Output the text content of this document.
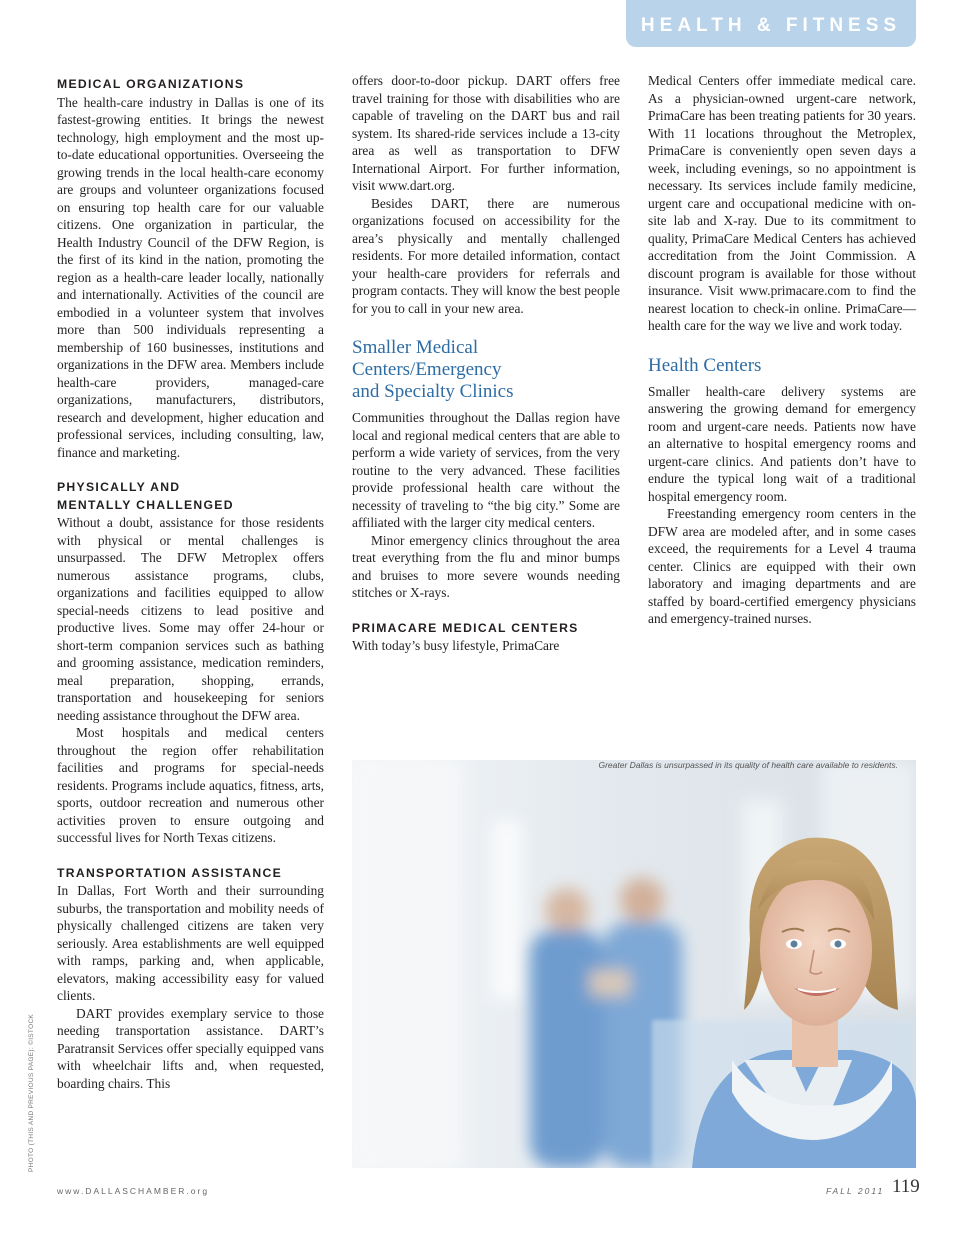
HEALTH & FITNESS
MEDICAL ORGANIZATIONS

The health-care industry in Dallas is one of its fastest-growing entities. It brings the newest technology, high employment and the most up-to-date educational opportunities. Overseeing the growing trends in the local health-care economy are groups and volunteer organizations focused on ensuring top health care for our valuable citizens. One organization in particular, the Health Industry Council of the DFW Region, is the first of its kind in the nation, promoting the region as a health-care leader locally, nationally and internationally. Activities of the council are embodied in a volunteer system that involves more than 500 individuals representing a membership of 160 businesses, institutions and organizations in the DFW area. Members include health-care providers, managed-care organizations, manufacturers, distributors, research and development, higher education and professional services, including consulting, law, finance and marketing.

PHYSICALLY AND
MENTALLY CHALLENGED

Without a doubt, assistance for those residents with physical or mental challenges is unsurpassed. The DFW Metroplex offers numerous assistance programs, clubs, organizations and facilities equipped to allow special-needs citizens to lead positive and productive lives. Some may offer 24-hour or short-term companion services such as bathing and grooming assistance, medication reminders, meal preparation, shopping, errands, transportation and housekeeping for seniors needing assistance throughout the DFW area.

Most hospitals and medical centers throughout the region offer rehabilitation facilities and programs for special-needs residents. Programs include aquatics, fitness, arts, sports, outdoor recreation and numerous other activities proven to ensure outgoing and successful lives for North Texas citizens.

TRANSPORTATION ASSISTANCE

In Dallas, Fort Worth and their surrounding suburbs, the transportation and mobility needs of physically challenged citizens are taken very seriously. Area establishments are well equipped with ramps, parking and, when applicable, elevators, making accessibility easy for valued clients.

DART provides exemplary service to those needing transportation assistance. DART’s Paratransit Services offer specially equipped vans with wheelchair lifts and, when requested, boarding chairs. This

offers door-to-door pickup. DART offers free travel training for those with disabilities who are capable of traveling on the DART bus and rail system. Its shared-ride services include a 13-city area as well as transportation to DFW International Airport. For further information, visit www.dart.org.

Besides DART, there are numerous organizations focused on accessibility for the area’s physically and mentally challenged residents. For more detailed information, contact your health-care providers for referrals and program contacts. They will know the best people for you to call in your new area.

Smaller Medical
Centers/Emergency
and Specialty Clinics

Communities throughout the Dallas region have local and regional medical centers that are able to perform a wide variety of services, from the very routine to the very advanced. These facilities provide professional health care without the necessity of traveling to “the big city.” Some are affiliated with the larger city medical centers.

Minor emergency clinics throughout the area treat everything from the flu and minor bumps and bruises to more severe wounds needing stitches or X-rays.

PRIMACARE MEDICAL CENTERS

With today’s busy lifestyle, PrimaCare

Medical Centers offer immediate medical care. As a physician-owned urgent-care network, PrimaCare has been treating patients for 30 years. With 11 locations throughout the Metroplex, PrimaCare is conveniently open seven days a week, including evenings, so no appointment is necessary. Its services include family medicine, urgent care and occupational medicine with on-site lab and X-ray. Due to its commitment to quality, PrimaCare Medical Centers has achieved accreditation from the Joint Commission. A discount program is available for those without insurance. Visit www.primacare.com to find the nearest location to check-in online. PrimaCare—health care for the way we live and work today.

Health Centers

Smaller health-care delivery systems are answering the growing demand for emergency room and urgent-care needs. Patients now have an alternative to hospital emergency rooms and urgent-care clinics. And patients don’t have to endure the typical long wait of a traditional hospital emergency room.

Freestanding emergency room centers in the DFW area are modeled after, and in some cases exceed, the requirements for a Level 4 trauma center. Clinics are equipped with their own laboratory and imaging departments and are staffed by board-certified emergency physicians and emergency-trained nurses.

Greater Dallas is unsurpassed in its quality of health care available to residents.
PHOTO (THIS AND PREVIOUS PAGE): ©ISTOCK
www.DALLASCHAMBER.org	FALL 2011 119
